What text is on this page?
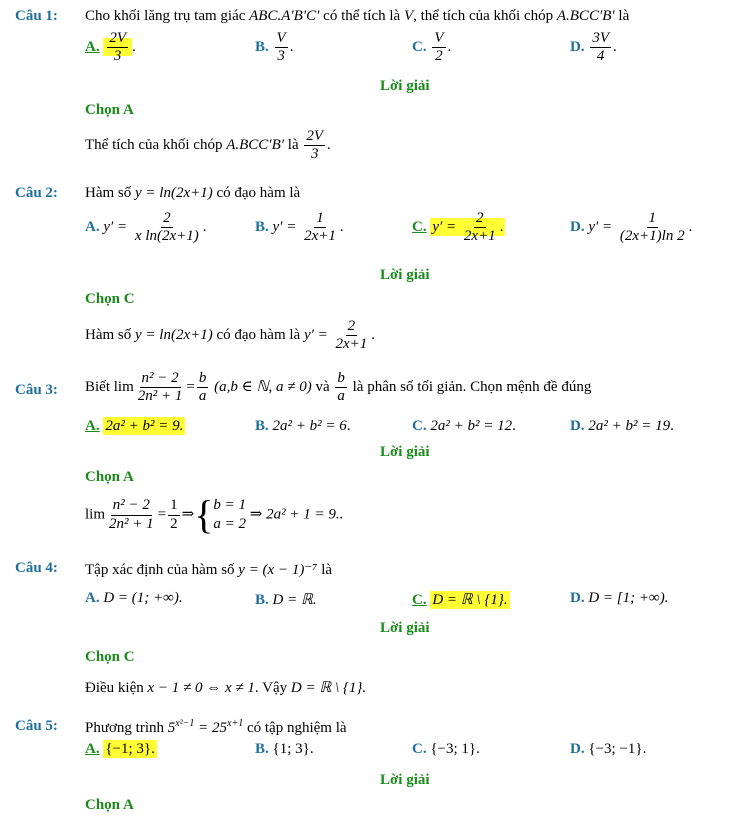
Câu 1: Cho khối lăng trụ tam giác ABC.A′B′C′ có thể tích là V, thể tích của khối chóp A.BCC′B′ là
A. $\frac{2V}{3}$ .	B. $\frac{V}{3}$ .	C. $\frac{V}{2}$ .	D. $\frac{3V}{4}$ .
Lời giải
Chọn A
Thể tích của khối chóp A.BCC′B′ là $\frac{2V}{3}$ .
Câu 2: Hàm số y = ln(2x+1) có đạo hàm là
A. $y' = \frac{2}{\text{x ln(2x+1)}}$ .	B. $y' = \frac{1}{2x+1}$ .	C. $y' = \frac{2}{2x+1}$ .	D. $y' = \frac{1}{(2x+1)\ln 2}$ .
Lời giải
Chọn C
Hàm số y = ln(2x+1) có đạo hàm là $y' = \frac{2}{2x+1}$ .
Câu 3: Biết $\lim \frac{\text{n² − 2}}{\text{2n² + 1}} = \frac{b}{a} (a,b$ ∈ ℕ, a ≠ 0) và $\frac{b}{a}$ là phân số tối giản. Chọn mệnh đề đúng
A. 2a² + b² = 9.	B. 2a² + b² = 6.	C. 2a² + b² = 12.	D. 2a² + b² = 19.
Lời giải
Chọn A
$\lim \frac{\text{n² − 2}}{\text{2n² + 1}} = \frac{1}{2}$ ⇒{ b = 1
a = 2
⇒ 2a² + 1 = 9..
Câu 4: Tập xác định của hàm số y = (x − 1)⁻⁷ là
A. D = (1; +∞).	B. D = ℝ.	C. D = ℝ \ {1}.	D. D = [1; +∞).
Lời giải
Chọn C
Điều kiện x − 1 ≠ 0 ⇔ x ≠ 1. Vậy D = ℝ \ {1}.
Câu 5: Phương trình $5^{x^2-1} = 25^{x+1}$ có tập nghiệm là
A. {−1; 3}.	B. {1; 3}.	C. {−3; 1}.	D. {−3; −1}.
Lời giải
Chọn A
